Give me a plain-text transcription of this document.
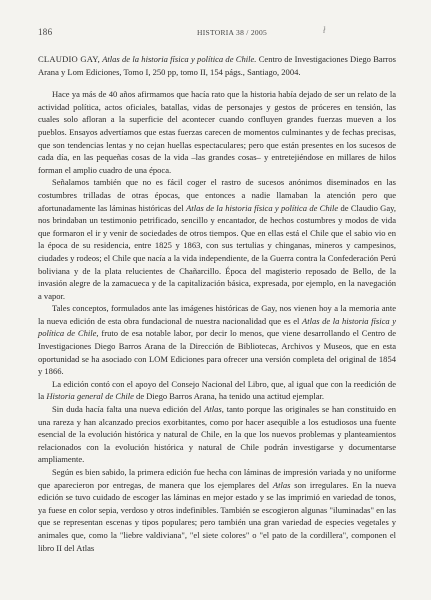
186	HISTORIA 38 / 2005	ł

CLAUDIO GAY, Atlas de la historia física y política de Chile. Centro de Investigaciones Diego Barros Arana y Lom Ediciones, Tomo I, 250 pp, tomo II, 154 págs., Santiago, 2004.

Hace ya más de 40 años afirmamos que hacía rato que la historia había dejado de ser un relato de la actividad política, actos oficiales, batallas, vidas de personajes y gestos de próceres en tensión, las cuales solo afloran a la superficie del acontecer cuando confluyen grandes fuerzas mueven a los pueblos. Ensayos advertíamos que estas fuerzas carecen de momentos culminantes y de fechas precisas, que son tendencias lentas y no cejan huellas espectaculares; pero que están presentes en los sucesos de cada día, en las pequeñas cosas de la vida –las grandes cosas– y entretejiéndose en millares de hilos forman el amplio cuadro de una época.

Señalamos también que no es fácil coger el rastro de sucesos anónimos diseminados en las costumbres trilladas de otras épocas, que entonces a nadie llamaban la atención pero que afortunadamente las láminas históricas del Atlas de la historia física y política de Chile de Claudio Gay, nos brindaban un testimonio petrificado, sencillo y encantador, de hechos costumbres y modos de vida que formaron el ir y venir de sociedades de otros tiempos. Que en ellas está el Chile que el sabio vio en la época de su residencia, entre 1825 y 1863, con sus tertulias y chinganas, mineros y campesinos, ciudades y rodeos; el Chile que nacía a la vida independiente, de la Guerra contra la Confederación Perú boliviana y de la plata relucientes de Chañarcillo. Época del magisterio reposado de Bello, de la invasión alegre de la zamacueca y de la capitalización básica, expresada, por ejemplo, en la navegación a vapor.

Tales conceptos, formulados ante las imágenes históricas de Gay, nos vienen hoy a la memoria ante la nueva edición de esta obra fundacional de nuestra nacionalidad que es el Atlas de la historia física y política de Chile, fruto de esa notable labor, por decir lo menos, que viene desarrollando el Centro de Investigaciones Diego Barros Arana de la Dirección de Bibliotecas, Archivos y Museos, que en esta oportunidad se ha asociado con LOM Ediciones para ofrecer una versión completa del original de 1854 y 1866.

La edición contó con el apoyo del Consejo Nacional del Libro, que, al igual que con la reedición de la Historia general de Chile de Diego Barros Arana, ha tenido una actitud ejemplar.

Sin duda hacía falta una nueva edición del Atlas, tanto porque las originales se han constituido en una rareza y han alcanzado precios exorbitantes, como por hacer asequible a los estudiosos una fuente esencial de la evolución histórica y natural de Chile, en la que los nuevos problemas y planteamientos relacionados con la evolución histórica y natural de Chile podrán investigarse y documentarse ampliamente.

Según es bien sabido, la primera edición fue hecha con láminas de impresión variada y no uniforme que aparecieron por entregas, de manera que los ejemplares del Atlas son irregulares. En la nueva edición se tuvo cuidado de escoger las láminas en mejor estado y se las imprimió en variedad de tonos, ya fuese en color sepia, verdoso y otros indefinibles. También se escogieron algunas "iluminadas" en las que se representan escenas y tipos populares; pero también una gran variedad de especies vegetales y animales que, como la "liebre valdiviana", "el siete colores" o "el pato de la cordillera", componen el libro II del Atlas
